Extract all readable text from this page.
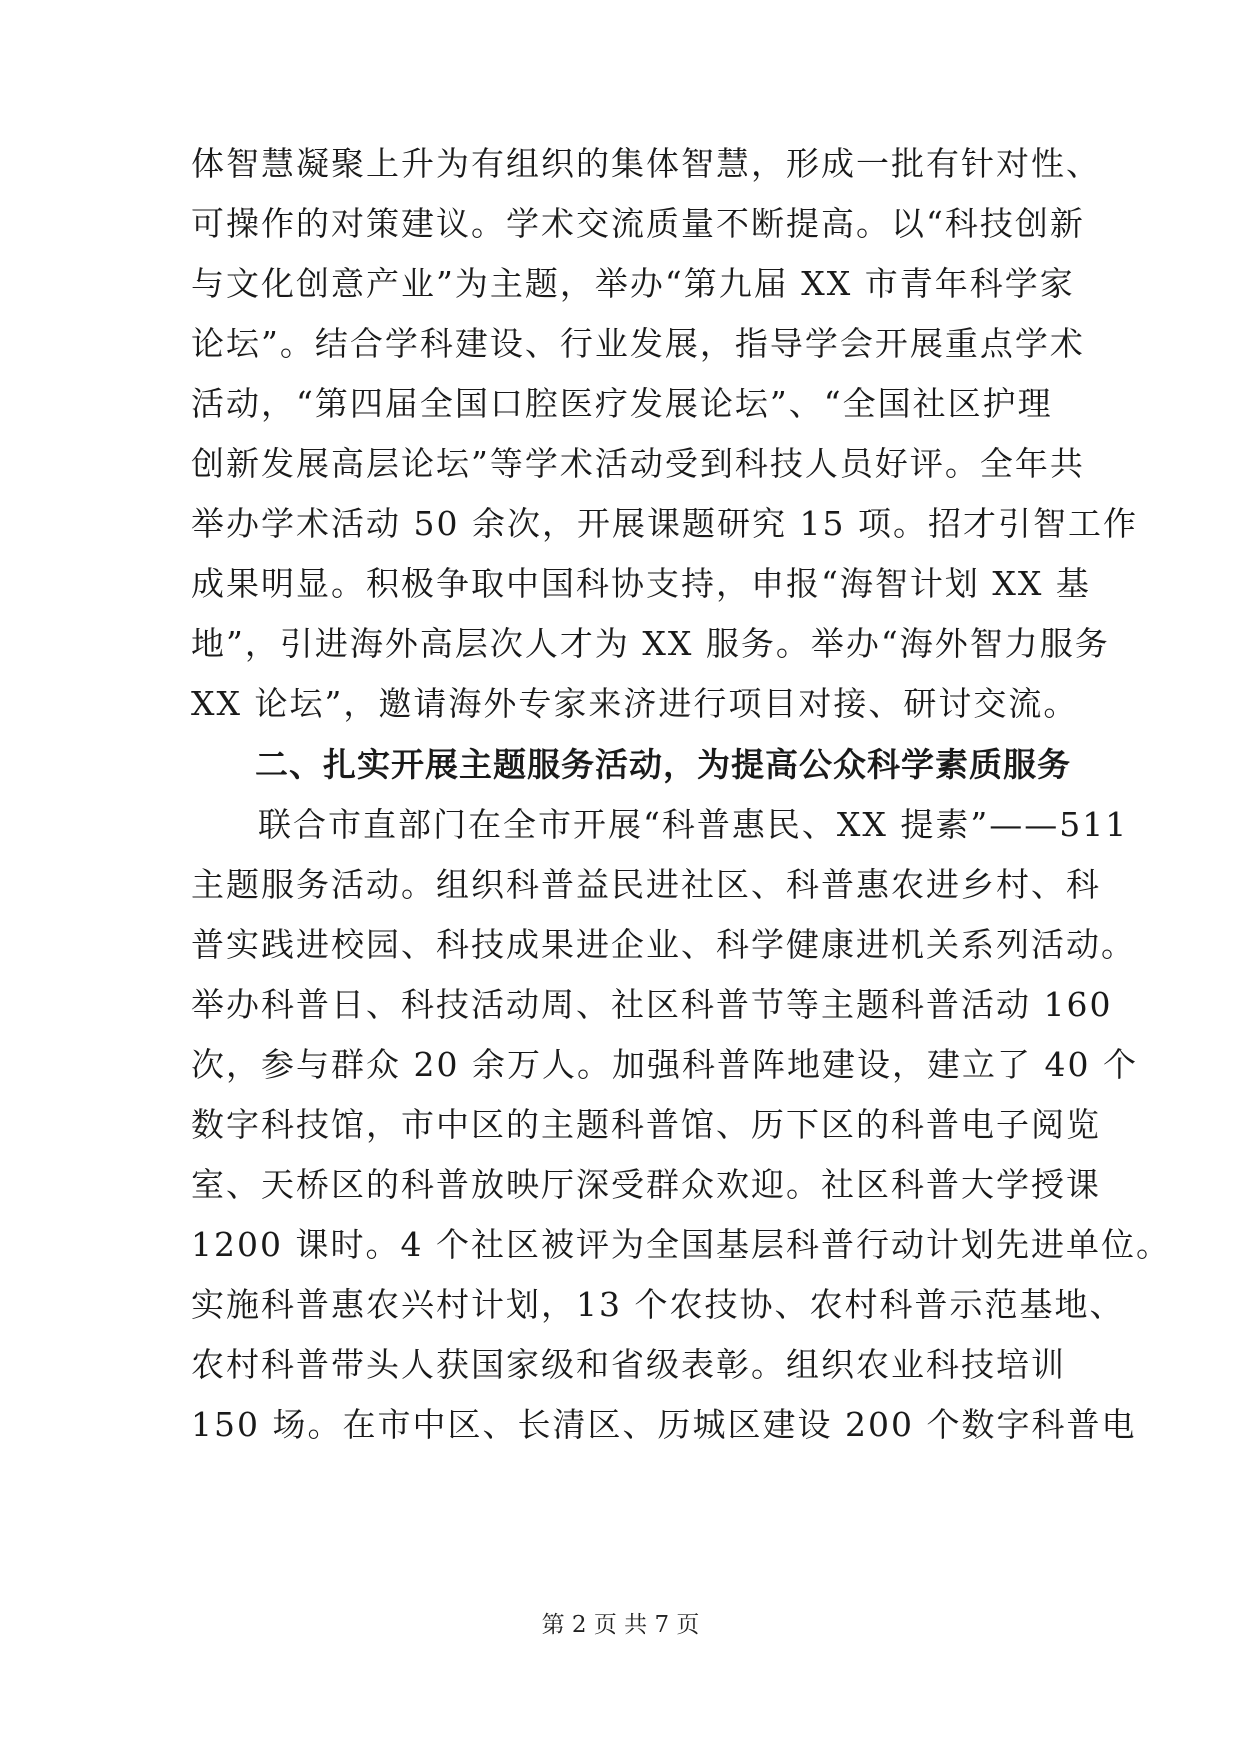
体智慧凝聚上升为有组织的集体智慧，形成一批有针对性、
可操作的对策建议。学术交流质量不断提高。以“科技创新
与文化创意产业”为主题，举办“第九届 XX 市青年科学家
论坛”。结合学科建设、行业发展，指导学会开展重点学术
活动，“第四届全国口腔医疗发展论坛”、“全国社区护理
创新发展高层论坛”等学术活动受到科技人员好评。全年共
举办学术活动 50 余次，开展课题研究 15 项。招才引智工作
成果明显。积极争取中国科协支持，申报“海智计划 XX 基
地”，引进海外高层次人才为 XX 服务。举办“海外智力服务
XX 论坛”，邀请海外专家来济进行项目对接、研讨交流。
二、扎实开展主题服务活动，为提高公众科学素质服务
联合市直部门在全市开展“科普惠民、XX 提素”——511
主题服务活动。组织科普益民进社区、科普惠农进乡村、科
普实践进校园、科技成果进企业、科学健康进机关系列活动。
举办科普日、科技活动周、社区科普节等主题科普活动 160
次，参与群众 20 余万人。加强科普阵地建设，建立了 40 个
数字科技馆，市中区的主题科普馆、历下区的科普电子阅览
室、天桥区的科普放映厅深受群众欢迎。社区科普大学授课
1200 课时。4 个社区被评为全国基层科普行动计划先进单位。
实施科普惠农兴村计划，13 个农技协、农村科普示范基地、
农村科普带头人获国家级和省级表彰。组织农业科技培训
150 场。在市中区、长清区、历城区建设 200 个数字科普电
第 2 页 共 7 页
